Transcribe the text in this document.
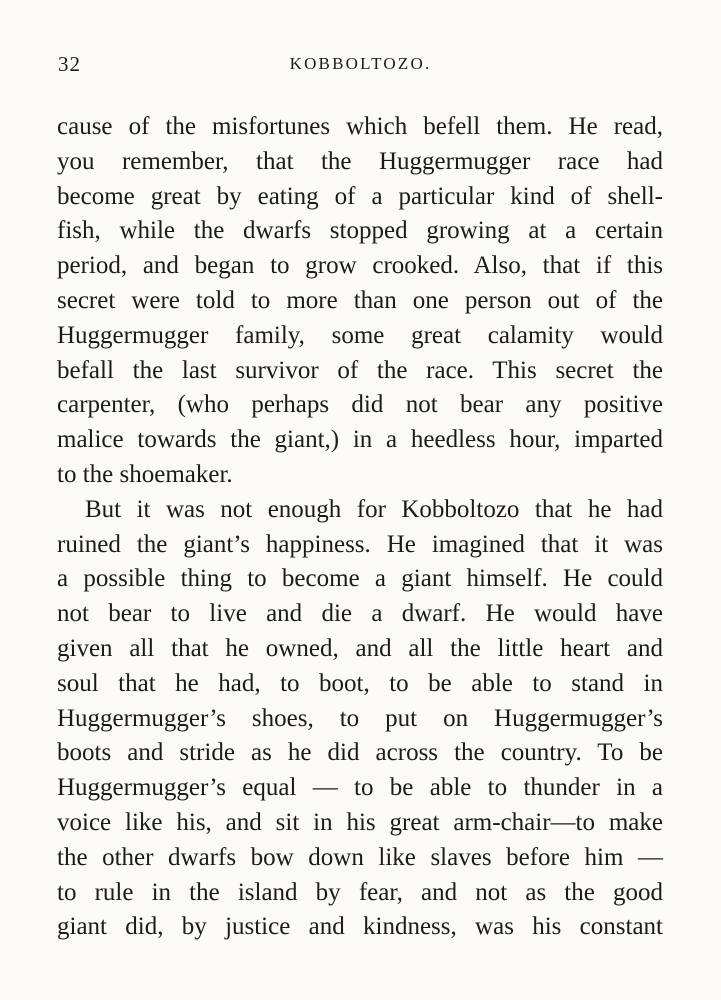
32	KOBBOLTOZO.
cause of the misfortunes which befell them. He read,
you remember, that the Huggermugger race had
become great by eating of a particular kind of shell-
fish, while the dwarfs stopped growing at a certain
period, and began to grow crooked. Also, that if this
secret were told to more than one person out of the
Huggermugger family, some great calamity would
befall the last survivor of the race. This secret the
carpenter, (who perhaps did not bear any positive
malice towards the giant,) in a heedless hour, imparted
to the shoemaker.
But it was not enough for Kobboltozo that he had
ruined the giant’s happiness. He imagined that it was
a possible thing to become a giant himself. He could
not bear to live and die a dwarf. He would have
given all that he owned, and all the little heart and
soul that he had, to boot, to be able to stand in
Huggermugger’s shoes, to put on Huggermugger’s
boots and stride as he did across the country. To be
Huggermugger’s equal — to be able to thunder in a
voice like his, and sit in his great arm-chair—to make
the other dwarfs bow down like slaves before him —
to rule in the island by fear, and not as the good
giant did, by justice and kindness, was his constant
